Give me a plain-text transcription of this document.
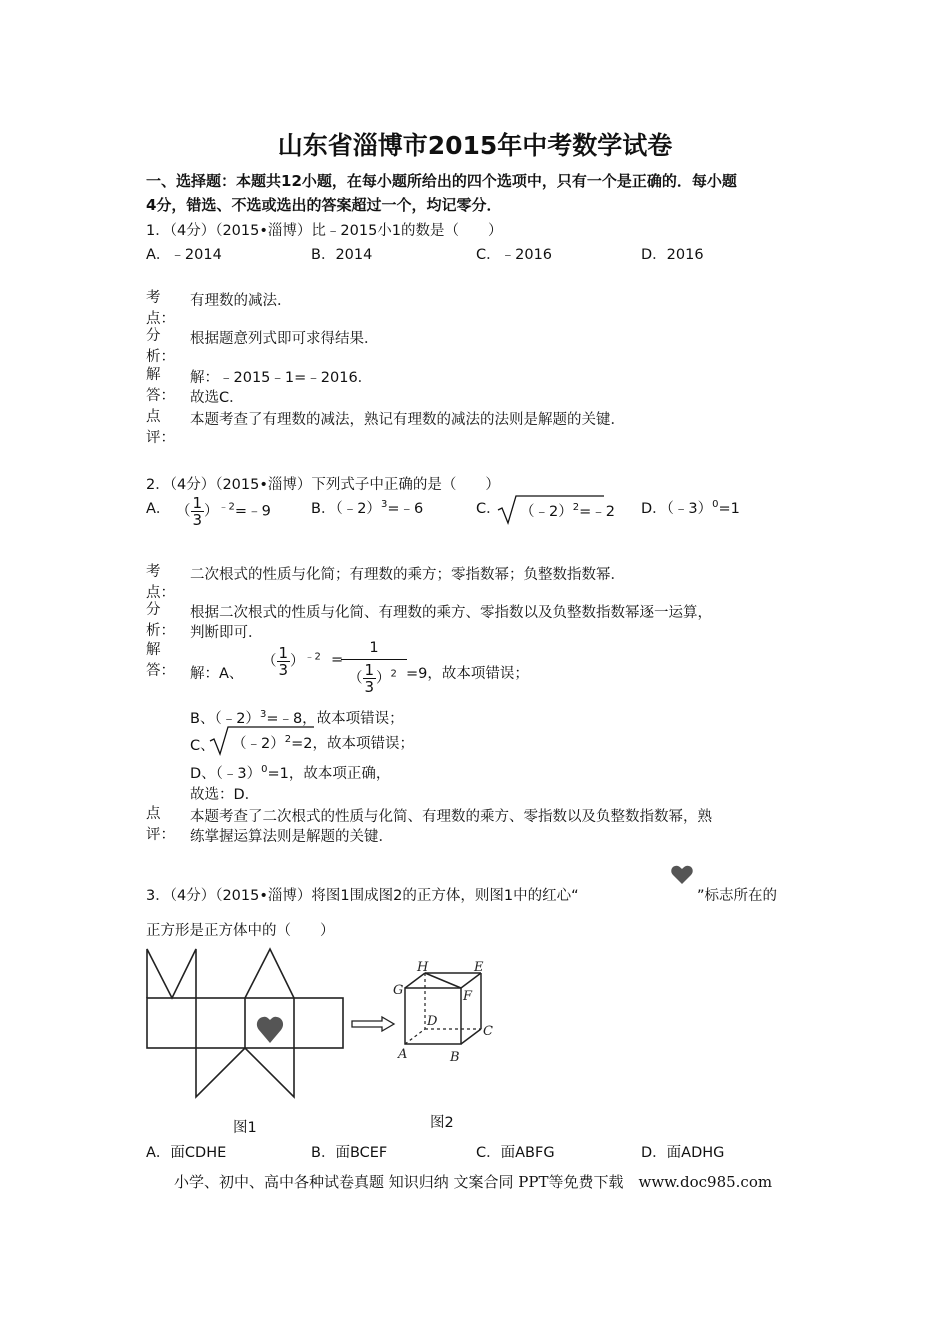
山东省淄博市2015年中考数学试卷
一、选择题：本题共12小题，在每小题所给出的四个选项中，只有一个是正确的．每小题
4分，错选、不选或选出的答案超过一个，均记零分．
1．（4分）（2015•淄博）比﹣2015小1的数是（　　）
A．﹣2014	B．2014	C．﹣2016	D．2016
考点：
有理数的减法．
分析：
根据题意列式即可求得结果．
解答：
解：﹣2015﹣1=﹣2016．
故选C．
点评：
本题考查了有理数的减法，熟记有理数的减法的法则是解题的关键．
2．（4分）（2015•淄博）下列式子中正确的是（　　）
A． （ $\frac{1}{3}$ ）$^{﹣2}$=﹣9	B．（﹣2）$^3$=﹣6	C． （﹣2）$^2$=﹣2 D．（﹣3）$^0$=1
考点：
二次根式的性质与化简；有理数的乘方；零指数幂；负整数指数幂．
分析：
根据二次根式的性质与化简、有理数的乘方、零指数以及负整数指数幂逐一运算，
判断即可．
解答： 解：A、
（ $\frac{1}{3} )^{﹣2}$ =
1
（ $\frac{1}{3} )^2 =9$，故本项错误；
B、（﹣2）$^3$=﹣8，故本项错误；
C、 （﹣2）$^2$=2，故本项错误；
D、（﹣3）$^0$=1，故本项正确，
故选：D．
点评：
本题考查了二次根式的性质与化简、有理数的乘方、零指数以及负整数指数幂，熟
练掌握运算法则是解题的关键．
3．（4分）（2015•淄博）将图1围成图2的正方体，则图1中的红心“	”标志所在的
正方形是正方体中的（　　）
图1
H	E
G	F
D
C
A	B
图2
A．面CDHE	B．面BCEF	C．面ABFG	D．面ADHG
小学、初中、高中各种试卷真题 知识归纳 文案合同 PPT等免费下载　www.doc985.com
